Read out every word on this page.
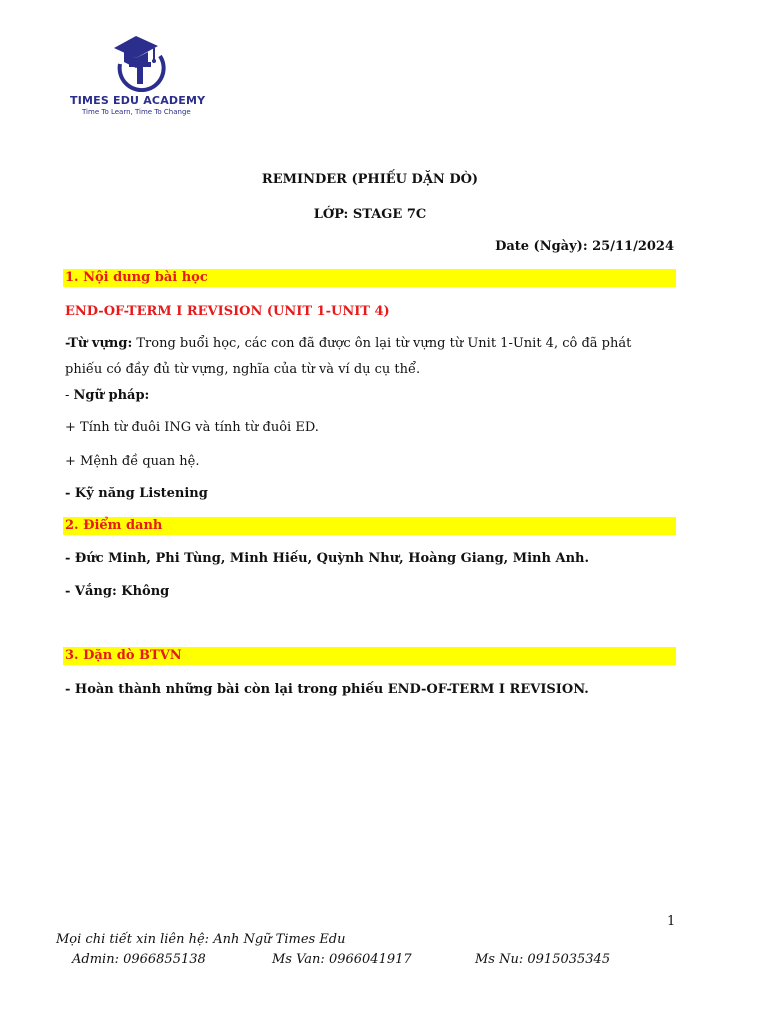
TIMES EDU ACADEMY
Time To Learn, Time To Change
REMINDER (PHIẾU DẶN DÒ)
LỚP: STAGE 7C
Date (Ngày): 25/11/2024
1. Nội dung bài học
END-OF-TERM I REVISION (UNIT 1-UNIT 4)
-Từ vựng: Trong buổi học, các con đã được ôn lại từ vựng từ Unit 1-Unit 4, cô đã phát
phiếu có đầy đủ từ vựng, nghĩa của từ và ví dụ cụ thể.
- Ngữ pháp:
+ Tính từ đuôi ING và tính từ đuôi ED.
+ Mệnh đề quan hệ.
- Kỹ năng Listening
2. Điểm danh
- Đức Minh, Phi Tùng, Minh Hiếu, Quỳnh Như, Hoàng Giang, Minh Anh.
- Vắng: Không
3. Dặn dò BTVN
- Hoàn thành những bài còn lại trong phiếu END-OF-TERM I REVISION.
1
Mọi chi tiết xin liên hệ: Anh Ngữ Times Edu
Admin: 0966855138	Ms Van: 0966041917	Ms Nu: 0915035345
